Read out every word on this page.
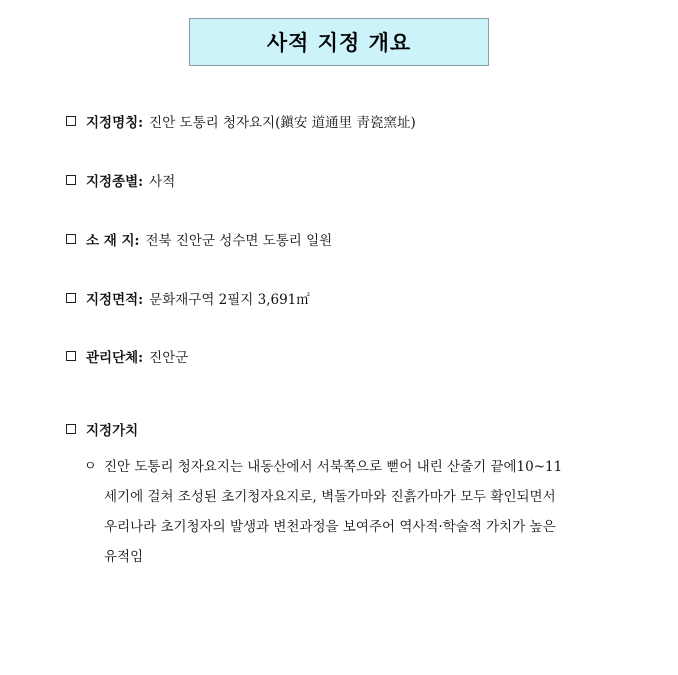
사적 지정 개요
지정명칭: 진안 도통리 청자요지(鎭安 道通里 靑瓷窯址)
지정종별: 사적
소 재 지: 전북 진안군 성수면 도통리 일원
지정면적: 문화재구역 2필지 3,691㎡
관리단체: 진안군
지정가치
ㅇ 진안 도통리 청자요지는 내동산에서 서북쪽으로 뻗어 내린 산줄기 끝에10~11
세기에 걸쳐 조성된 초기청자요지로, 벽돌가마와 진흙가마가 모두 확인되면서
우리나라 초기청자의 발생과 변천과정을 보여주어 역사적·학술적 가치가 높은
유적임
